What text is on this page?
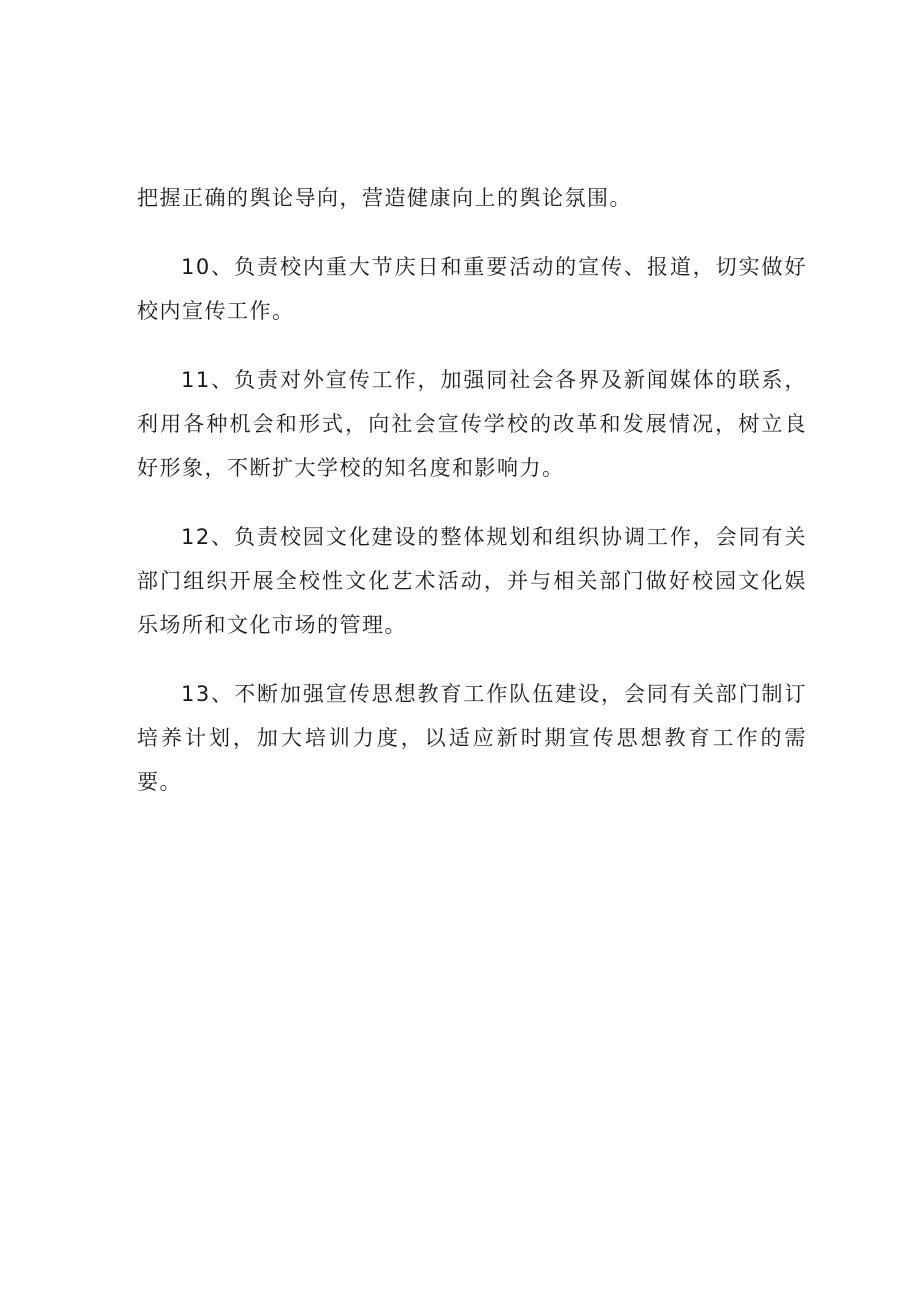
把握正确的舆论导向，营造健康向上的舆论氛围。

10、负责校内重大节庆日和重要活动的宣传、报道，切实做好校内宣传工作。

11、负责对外宣传工作，加强同社会各界及新闻媒体的联系，利用各种机会和形式，向社会宣传学校的改革和发展情况，树立良好形象，不断扩大学校的知名度和影响力。

12、负责校园文化建设的整体规划和组织协调工作，会同有关部门组织开展全校性文化艺术活动，并与相关部门做好校园文化娱乐场所和文化市场的管理。

13、不断加强宣传思想教育工作队伍建设，会同有关部门制订培养计划，加大培训力度，以适应新时期宣传思想教育工作的需要。
